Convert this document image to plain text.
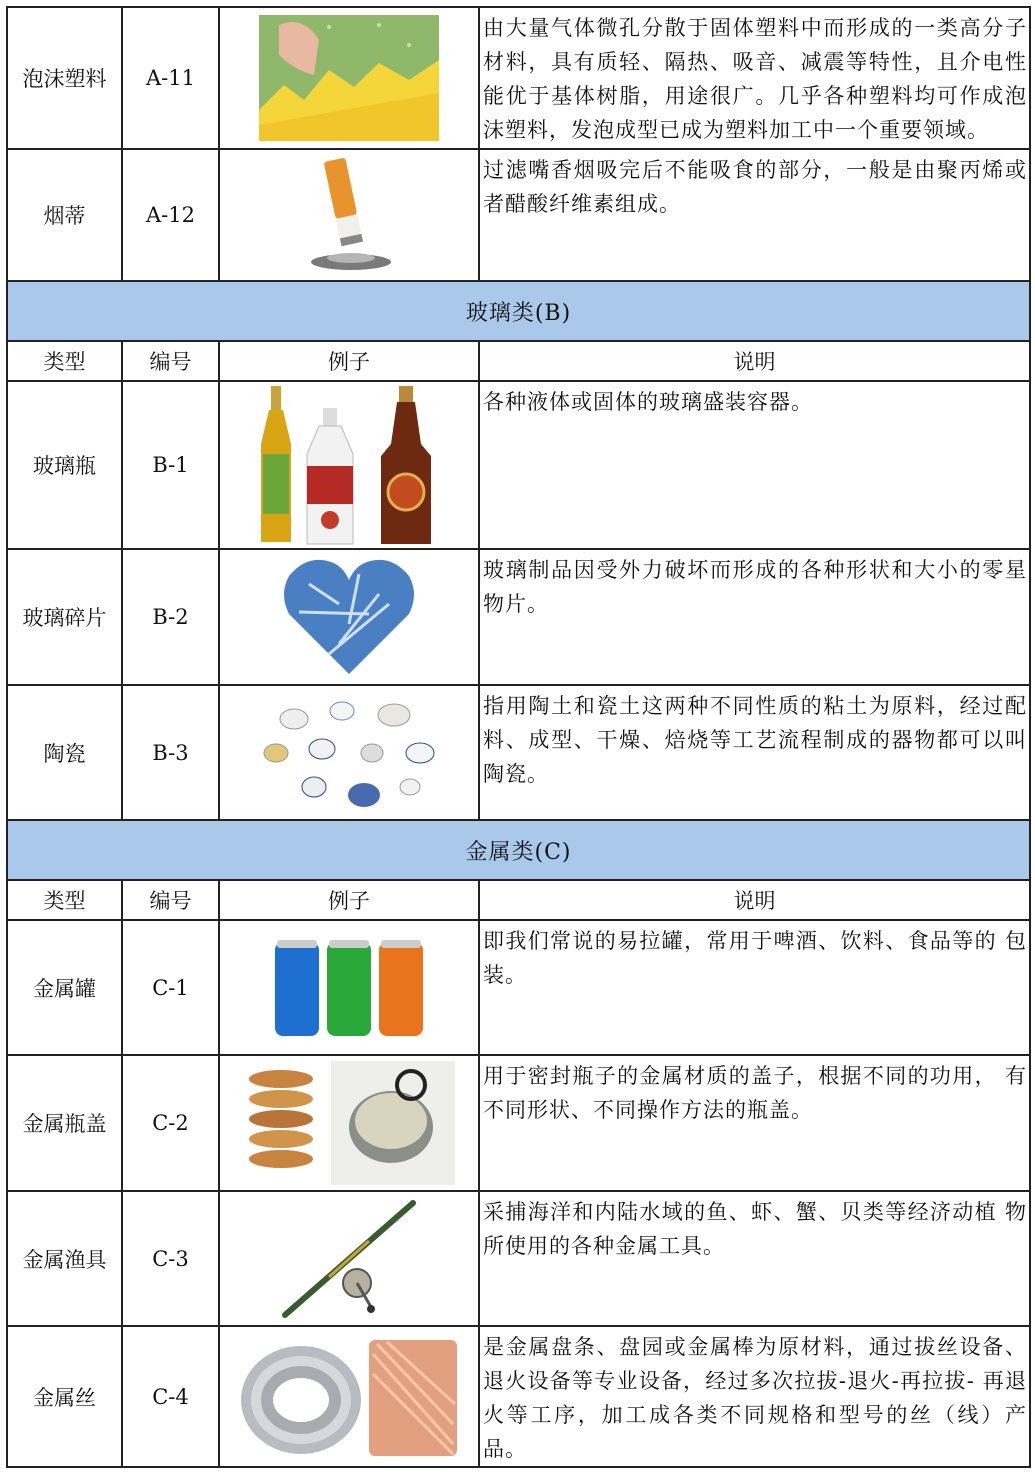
泡沫塑料	A-11		由大量气体微孔分散于固体塑料中而形成的一类高分子材料，具有质轻、隔热、吸音、减震等特性，且介电性能优于基体树脂，用途很广。几乎各种塑料均可作成泡沫塑料，发泡成型已成为塑料加工中一个重要领域。
烟蒂	A-12		过滤嘴香烟吸完后不能吸食的部分，一般是由聚丙烯或者醋酸纤维素组成。
玻璃类(B)			
类型	编号	例子	说明
玻璃瓶	B-1		各种液体或固体的玻璃盛装容器。
玻璃碎片	B-2		玻璃制品因受外力破坏而形成的各种形状和大小的零星物片。
陶瓷	B-3		指用陶土和瓷土这两种不同性质的粘土为原料，经过配料、成型、干燥、焙烧等工艺流程制成的器物都可以叫陶瓷。
金属类(C)			
类型	编号	例子	说明
金属罐	C-1		即我们常说的易拉罐，常用于啤酒、饮料、食品等的 包装。
金属瓶盖	C-2		用于密封瓶子的金属材质的盖子，根据不同的功用， 有不同形状、不同操作方法的瓶盖。
金属渔具	C-3		采捕海洋和内陆水域的鱼、虾、蟹、贝类等经济动植 物所使用的各种金属工具。
金属丝	C-4		是金属盘条、盘园或金属棒为原材料，通过拔丝设备、退火设备等专业设备，经过多次拉拔-退火-再拉拔- 再退火等工序，加工成各类不同规格和型号的丝（线）产品。
